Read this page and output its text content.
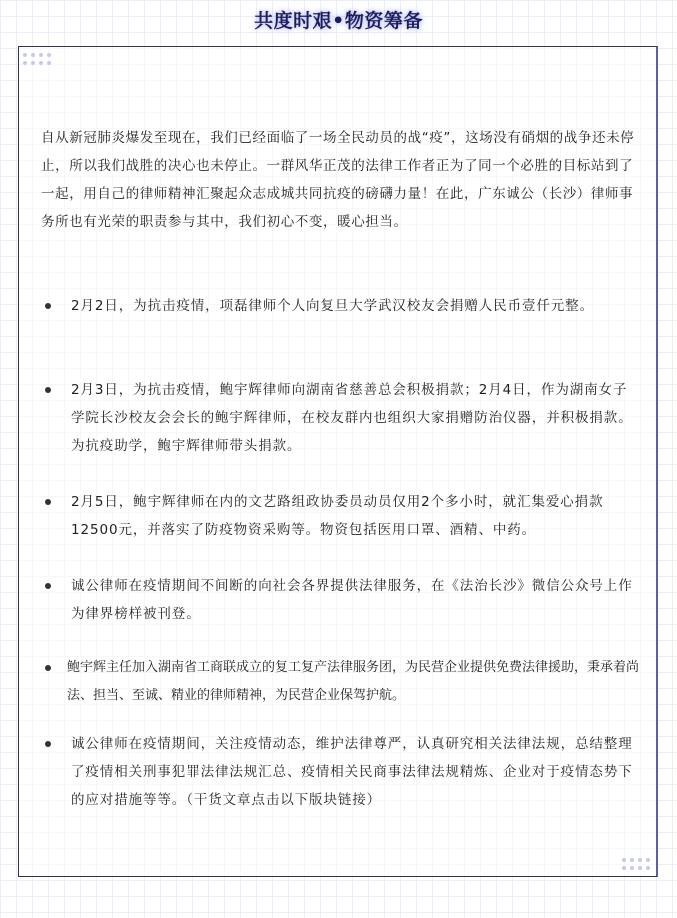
共度时艰•物资筹备

自从新冠肺炎爆发至现在，我们已经面临了一场全民动员的战“疫”，这场没有硝烟的战争还未停止，所以我们战胜的决心也未停止。一群风华正茂的法律工作者正为了同一个必胜的目标站到了一起，用自己的律师精神汇聚起众志成城共同抗疫的磅礴力量！在此，广东诚公（长沙）律师事务所也有光荣的职责参与其中，我们初心不变，暖心担当。

2月2日，为抗击疫情，项磊律师个人向复旦大学武汉校友会捐赠人民币壹仟元整。
2月3日，为抗击疫情，鲍宇辉律师向湖南省慈善总会积极捐款；2月4日，作为湖南女子学院长沙校友会会长的鲍宇辉律师，在校友群内也组织大家捐赠防治仪器，并积极捐款。为抗疫助学，鲍宇辉律师带头捐款。
2月5日，鲍宇辉律师在内的文艺路组政协委员动员仅用2个多小时，就汇集爱心捐款12500元，并落实了防疫物资采购等。物资包括医用口罩、酒精、中药。
诚公律师在疫情期间不间断的向社会各界提供法律服务，在《法治长沙》微信公众号上作为律界榜样被刊登。
鲍宇辉主任加入湖南省工商联成立的复工复产法律服务团，为民营企业提供免费法律援助，秉承着尚法、担当、至诚、精业的律师精神，为民营企业保驾护航。
诚公律师在疫情期间，关注疫情动态，维护法律尊严，认真研究相关法律法规，总结整理了疫情相关刑事犯罪法律法规汇总、疫情相关民商事法律法规精炼、企业对于疫情态势下的应对措施等等。（干货文章点击以下版块链接）
